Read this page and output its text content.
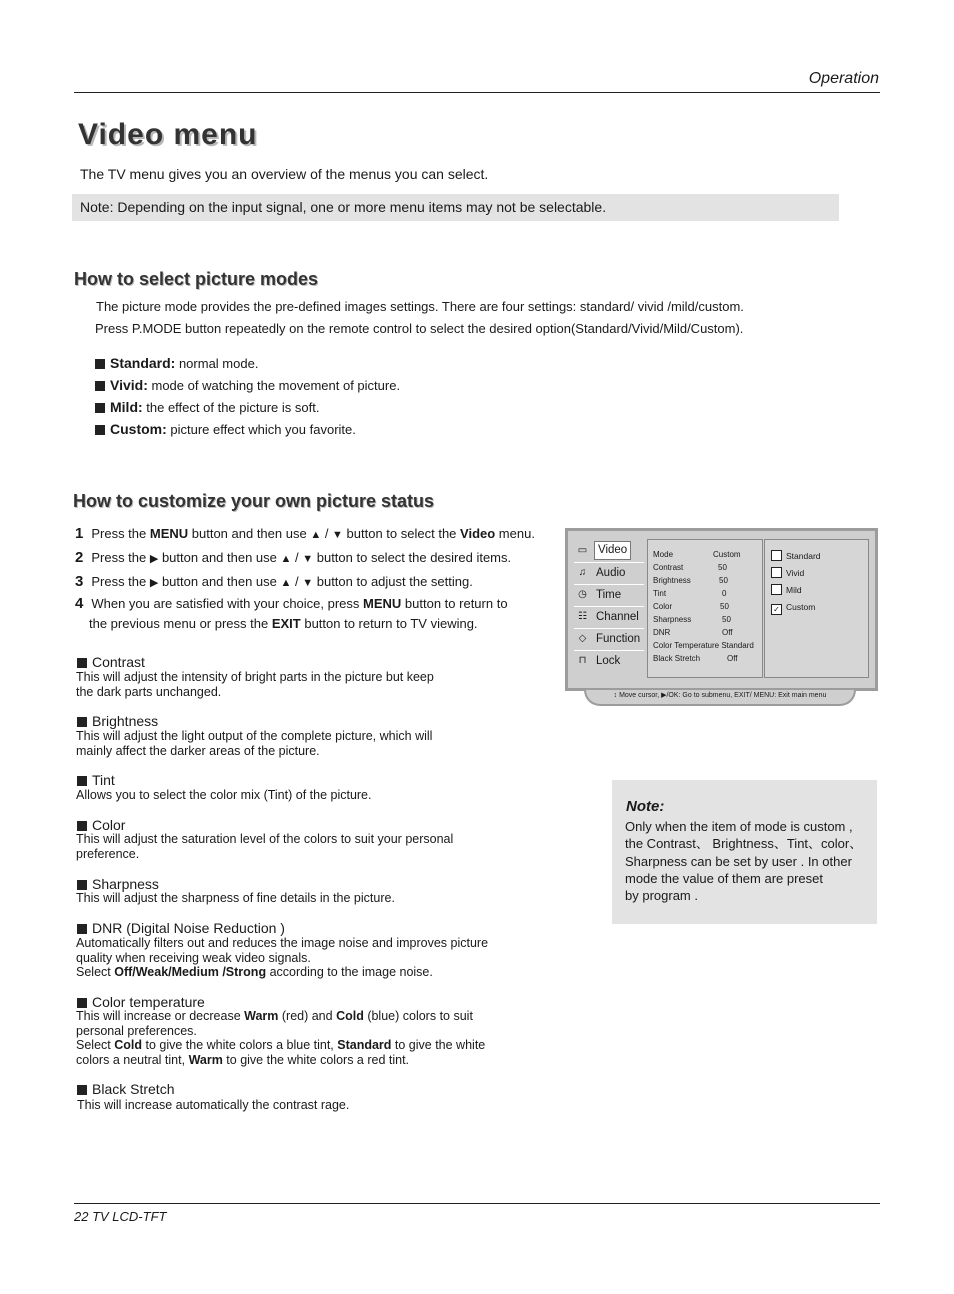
Operation
Video menu
The TV menu gives you an overview of the menus you can select.
Note: Depending on the input signal, one or more menu items may not be selectable.
How to select picture modes
The picture mode provides the pre-defined images settings. There are four settings: standard/ vivid /mild/custom.
Press P.MODE button repeatedly on the remote control to select the desired option(Standard/Vivid/Mild/Custom).
Standard: normal mode.
Vivid: mode of watching the movement of picture.
Mild: the effect of the picture is soft.
Custom: picture effect which you favorite.
How to customize your own picture status
1 Press the MENU button and then use ▲ / ▼ button to select the Video menu.
2 Press the ▶ button and then use ▲ / ▼ button to select the desired items.
3 Press the ▶ button and then use ▲ / ▼ button to adjust the setting.
4 When you are satisfied with your choice, press MENU button to return to
the previous menu or press the EXIT button to return to TV viewing.
Contrast
This will adjust the intensity of bright parts in the picture but keep
the dark parts unchanged.
Brightness
This will adjust the light output of the complete picture, which will
mainly affect the darker areas of the picture.
Tint
Allows you to select the color mix (Tint) of the picture.
Color
This will adjust the saturation level of the colors to suit your personal
preference.
Sharpness
This will adjust the sharpness of fine details in the picture.
DNR (Digital Noise Reduction )
Automatically filters out and reduces the image noise and improves picture
quality when receiving weak video signals.
Select Off/Weak/Medium /Strong according to the image noise.
Color temperature
This will increase or decrease Warm (red) and Cold (blue) colors to suit
personal preferences.
Select Cold to give the white colors a blue tint, Standard to give the white
colors a neutral tint, Warm to give the white colors a red tint.
Black Stretch
This will increase automatically the contrast rage.
▭ Video
♫ Audio
◷ Time
☷ Channel
◇ Function
⊓ Lock
Mode	Custom
Contrast	50
Brightness	50
Tint	0
Color	50
Sharpness	50
DNR	Off
Color Temperature Standard
Black Stretch	Off
Standard
Vivid
Mild
✓ Custom
↕ Move cursor, ▶/OK: Go to submenu, EXIT/ MENU: Exit main menu
Note:
Only when the item of mode is custom ,
the Contrast、 Brightness、Tint、color、
Sharpness can be set by user . In other
mode the value of them are preset
by program .
22 TV LCD-TFT
